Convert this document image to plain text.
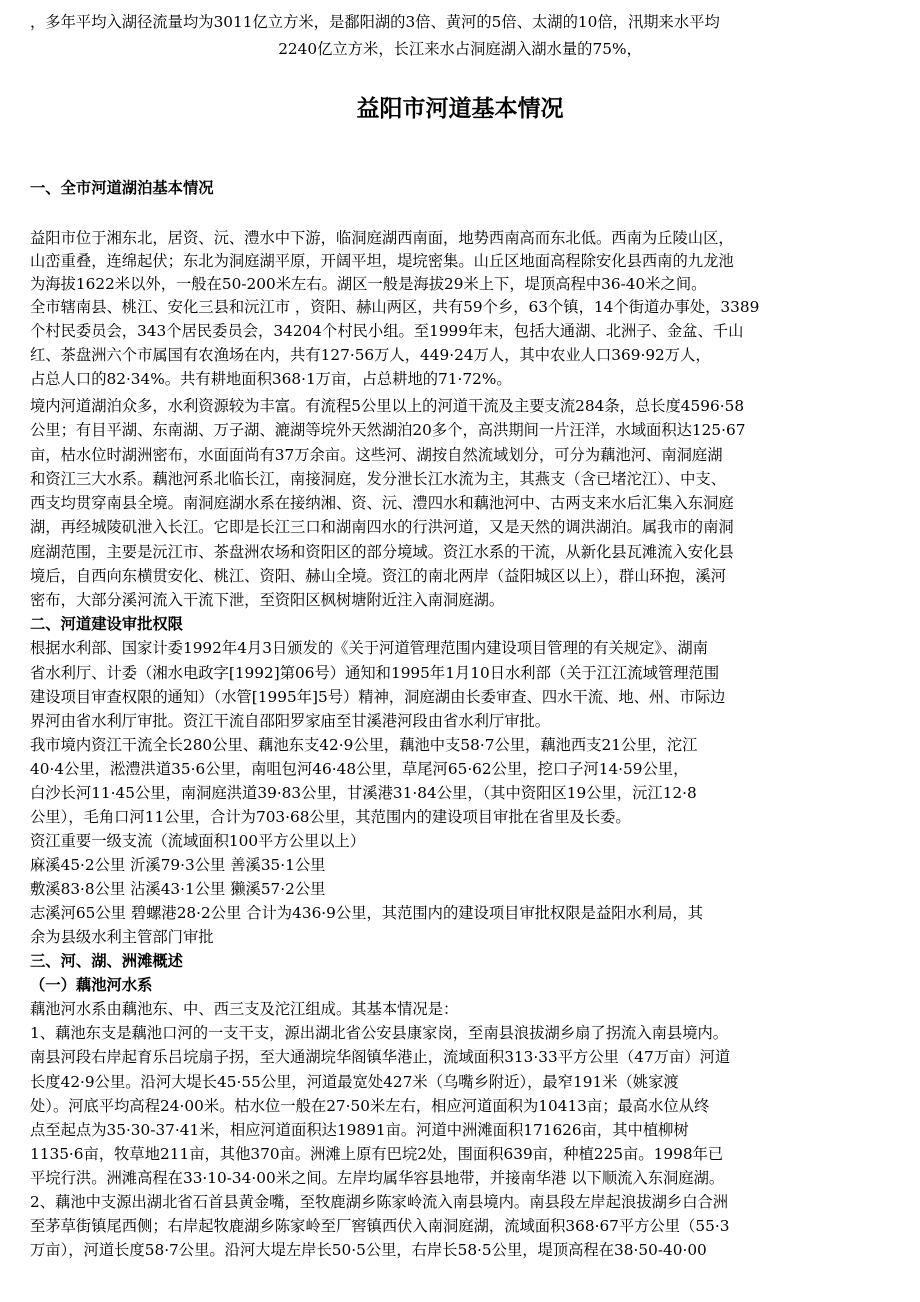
，多年平均入湖径流量均为3011亿立方米，是鄱阳湖的3倍、黄河的5倍、太湖的10倍，汛期来水平均
2240亿立方米，长江来水占洞庭湖入湖水量的75%，
益阳市河道基本情况
一、全市河道湖泊基本情况
益阳市位于湘东北，居资、沅、澧水中下游，临洞庭湖西南面，地势西南高而东北低。西南为丘陵山区，
山峦重叠，连绵起伏；东北为洞庭湖平原，开阔平坦，堤垸密集。山丘区地面高程除安化县西南的九龙池
为海拔1622米以外，一般在50-200米左右。湖区一般是海拔29米上下，堤顶高程中36-40米之间。
全市辖南县、桃江、安化三县和沅江市 ，资阳、赫山两区，共有59个乡，63个镇，14个街道办事处，3389
个村民委员会，343个居民委员会，34204个村民小组。至1999年末，包括大通湖、北洲子、金盆、千山
红、茶盘洲六个市属国有农渔场在内，共有127·56万人，449·24万人，其中农业人口369·92万人，
占总人口的82·34%。共有耕地面积368·1万亩，占总耕地的71·72%。
境内河道湖泊众多，水利资源较为丰富。有流程5公里以上的河道干流及主要支流284条，总长度4596·58
公里；有目平湖、东南湖、万子湖、漉湖等垸外天然湖泊20多个，高洪期间一片汪洋，水域面积达125·67
亩，枯水位时湖洲密布，水面面尚有37万余亩。这些河、湖按自然流域划分，可分为藕池河、南洞庭湖
和资江三大水系。藕池河系北临长江，南接洞庭，发分泄长江水流为主，其燕支（含已堵沱江）、中支、
西支均贯穿南县全境。南洞庭湖水系在接纳湘、资、沅、澧四水和藕池河中、古两支来水后汇集入东洞庭
湖，再经城陵矶泄入长江。它即是长江三口和湖南四水的行洪河道，又是天然的调洪湖泊。属我市的南洞
庭湖范围，主要是沅江市、茶盘洲农场和资阳区的部分境域。资江水系的干流，从新化县瓦滩流入安化县
境后，自西向东横贯安化、桃江、资阳、赫山全境。资江的南北两岸（益阳城区以上），群山环抱，溪河
密布，大部分溪河流入干流下泄，至资阳区枫树塘附近注入南洞庭湖。
二、河道建设审批权限
根据水利部、国家计委1992年4月3日颁发的《关于河道管理范围内建设项目管理的有关规定》、湖南
省水利厅、计委（湘水电政字[1992]第06号）通知和1995年1月10日水利部（关于江江流域管理范围
建设项目审查权限的通知）（水管[1995年]5号）精神，洞庭湖由长委审查、四水干流、地、州、市际边
界河由省水利厅审批。资江干流自邵阳罗家庙至甘溪港河段由省水利厅审批。
我市境内资江干流全长280公里、藕池东支42·9公里，藕池中支58·7公里，藕池西支21公里，沱江
40·4公里，淞澧洪道35·6公里，南咀包河46·48公里，草尾河65·62公里，挖口子河14·59公里，
白沙长河11·45公里，南洞庭洪道39·83公里，甘溪港31·84公里，（其中资阳区19公里，沅江12·8
公里），毛角口河11公里，合计为703·68公里，其范围内的建设项目审批在省里及长委。
资江重要一级支流（流域面积100平方公里以上）
麻溪45·2公里 沂溪79·3公里 善溪35·1公里
敷溪83·8公里 沾溪43·1公里 獭溪57·2公里
志溪河65公里 碧螺港28·2公里 合计为436·9公里，其范围内的建设项目审批权限是益阳水利局，其
余为县级水利主管部门审批
三、河、湖、洲滩概述
（一）藕池河水系
藕池河水系由藕池东、中、西三支及沱江组成。其基本情况是：
1、藕池东支是藕池口河的一支干支，源出湖北省公安县康家岗，至南县浪拔湖乡扇了拐流入南县境内。
南县河段右岸起育乐吕垸扇子拐，至大通湖垸华阁镇华港止，流域面积313·33平方公里（47万亩）河道
长度42·9公里。沿河大堤长45·55公里，河道最宽处427米（乌嘴乡附近），最窄191米（姚家渡
处）。河底平均高程24·00米。枯水位一般在27·50米左右，相应河道面积为10413亩；最高水位从终
点至起点为35·30-37·41米，相应河道面积达19891亩。河道中洲滩面积171626亩，其中植柳树
1135·6亩，牧草地211亩，其他370亩。洲滩上原有巴垸2处，围面积639亩，种植225亩。1998年已
平垸行洪。洲滩高程在33·10-34·00米之间。左岸均属华容县地带，并接南华港 以下顺流入东洞庭湖。
2、藕池中支源出湖北省石首县黄金嘴，至牧鹿湖乡陈家岭流入南县境内。南县段左岸起浪拔湖乡白合洲
至茅草街镇尾西侧；右岸起牧鹿湖乡陈家岭至厂窖镇西伏入南洞庭湖，流域面积368·67平方公里（55·3
万亩），河道长度58·7公里。沿河大堤左岸长50·5公里，右岸长58·5公里，堤顶高程在38·50-40·00
